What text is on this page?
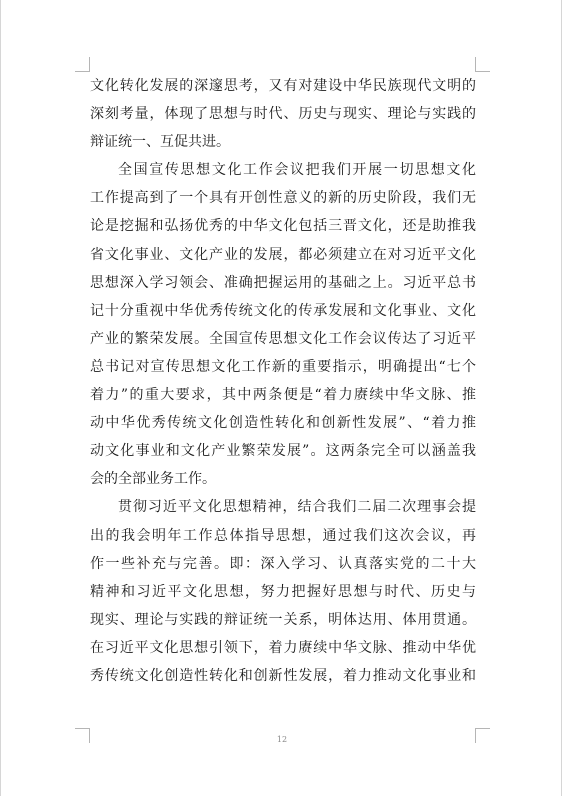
文化转化发展的深邃思考，又有对建设中华民族现代文明的
深刻考量，体现了思想与时代、历史与现实、理论与实践的
辩证统一、互促共进。
全国宣传思想文化工作会议把我们开展一切思想文化
工作提高到了一个具有开创性意义的新的历史阶段，我们无
论是挖掘和弘扬优秀的中华文化包括三晋文化，还是助推我
省文化事业、文化产业的发展，都必须建立在对习近平文化
思想深入学习领会、准确把握运用的基础之上。习近平总书
记十分重视中华优秀传统文化的传承发展和文化事业、文化
产业的繁荣发展。全国宣传思想文化工作会议传达了习近平
总书记对宣传思想文化工作新的重要指示，明确提出“七个
着力”的重大要求，其中两条便是“着力赓续中华文脉、推
动中华优秀传统文化创造性转化和创新性发展”、“着力推
动文化事业和文化产业繁荣发展”。这两条完全可以涵盖我
会的全部业务工作。
贯彻习近平文化思想精神，结合我们二届二次理事会提
出的我会明年工作总体指导思想，通过我们这次会议，再
作一些补充与完善。即：深入学习、认真落实党的二十大
精神和习近平文化思想，努力把握好思想与时代、历史与
现实、理论与实践的辩证统一关系，明体达用、体用贯通。
在习近平文化思想引领下，着力赓续中华文脉、推动中华优
秀传统文化创造性转化和创新性发展，着力推动文化事业和
12
